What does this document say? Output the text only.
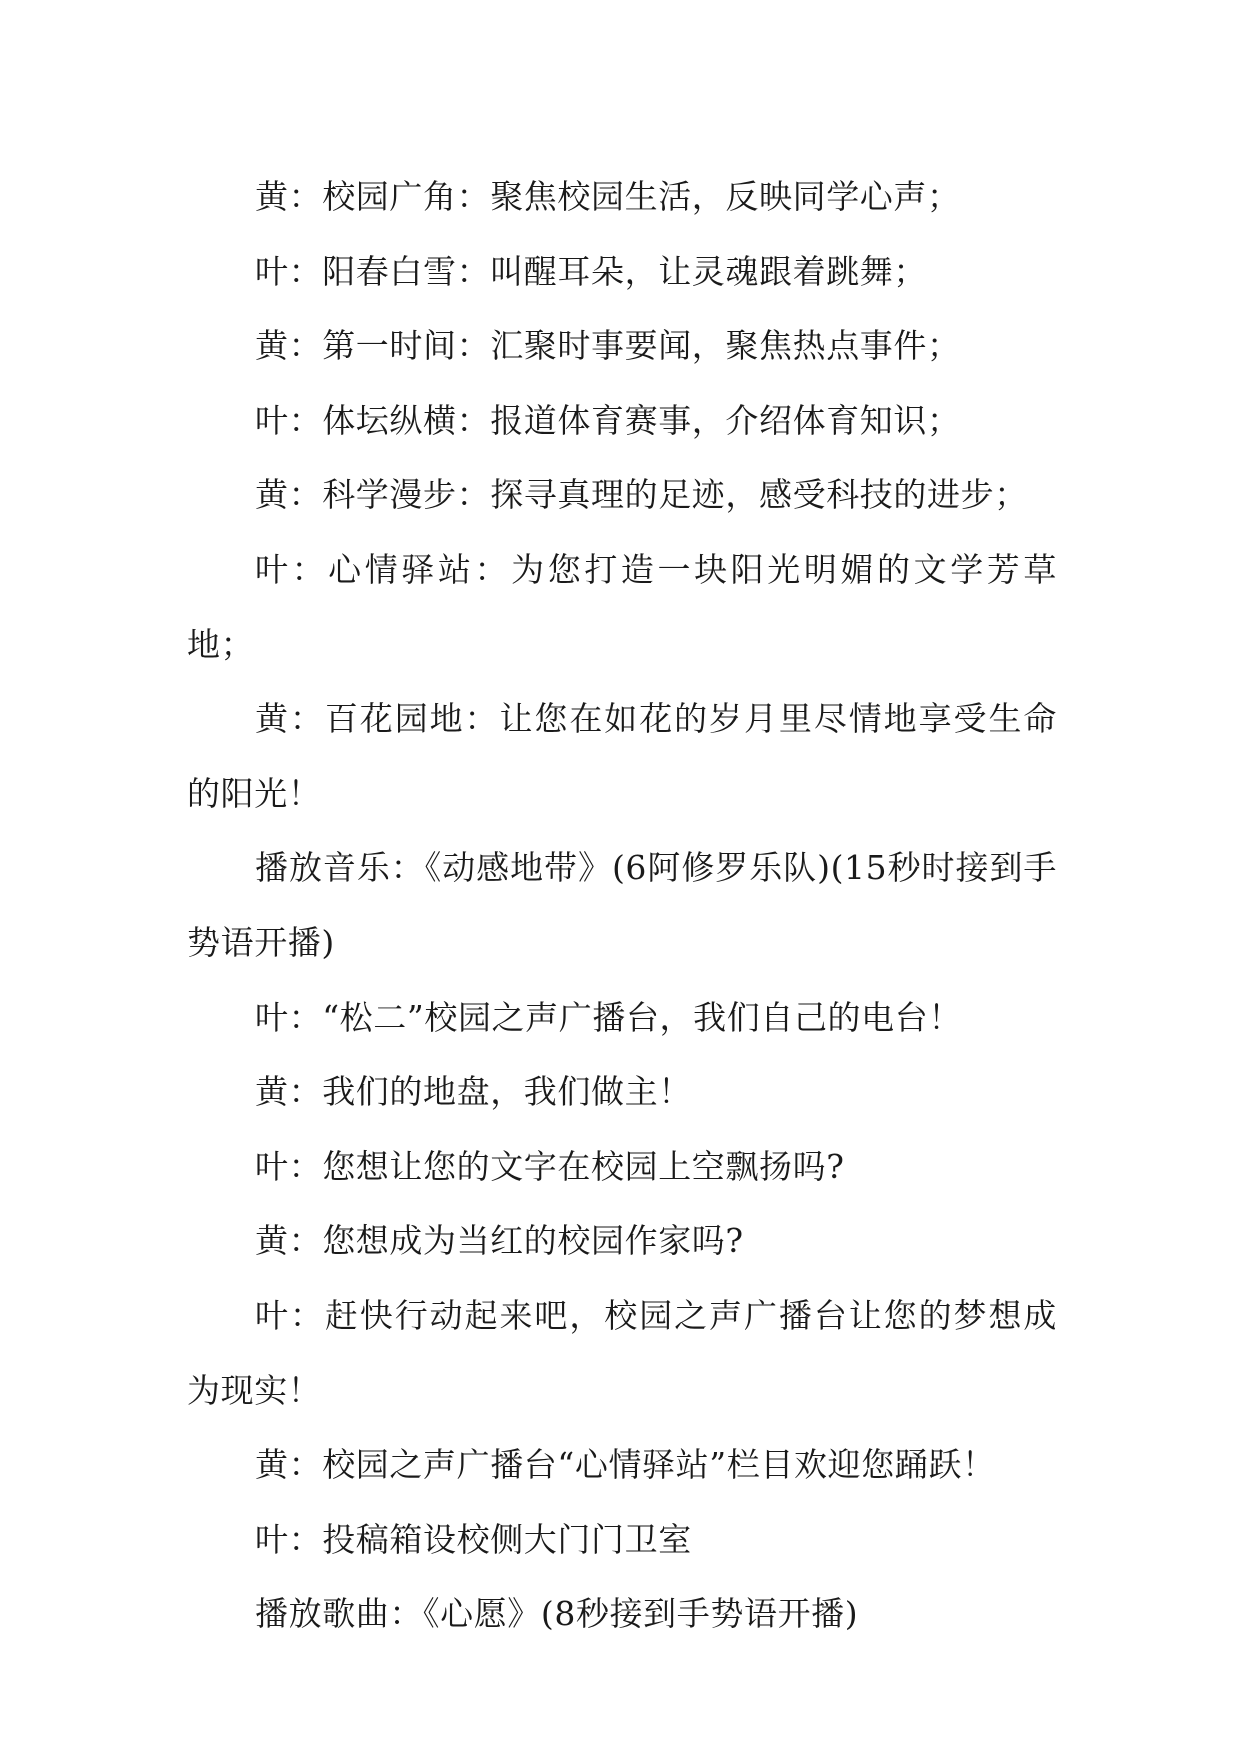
黄：校园广角：聚焦校园生活，反映同学心声；

叶：阳春白雪：叫醒耳朵，让灵魂跟着跳舞；

黄：第一时间：汇聚时事要闻，聚焦热点事件；

叶：体坛纵横：报道体育赛事，介绍体育知识；

黄：科学漫步：探寻真理的足迹，感受科技的进步；

叶：心情驿站：为您打造一块阳光明媚的文学芳草地；

黄：百花园地：让您在如花的岁月里尽情地享受生命的阳光！

播放音乐：《动感地带》(6阿修罗乐队)(15秒时接到手势语开播)

叶：“松二”校园之声广播台，我们自己的电台！

黄：我们的地盘，我们做主！

叶：您想让您的文字在校园上空飘扬吗?

黄：您想成为当红的校园作家吗?

叶：赶快行动起来吧，校园之声广播台让您的梦想成为现实！

黄：校园之声广播台“心情驿站”栏目欢迎您踊跃！

叶：投稿箱设校侧大门门卫室

播放歌曲：《心愿》(8秒接到手势语开播)
